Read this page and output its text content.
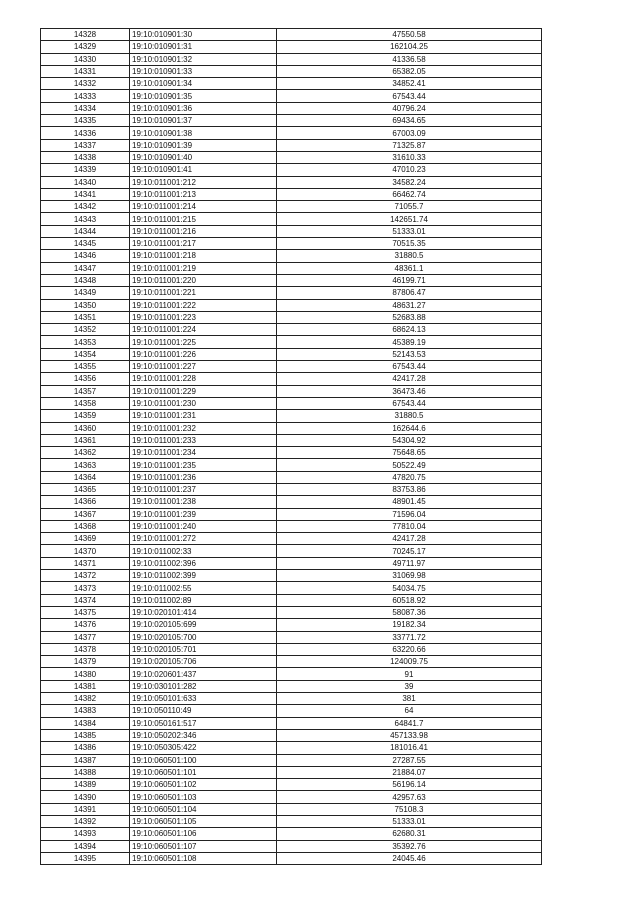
14328	19:10:010901:30	47550.58
14329	19:10:010901:31	162104.25
14330	19:10:010901:32	41336.58
14331	19:10:010901:33	65382.05
14332	19:10:010901:34	34852.41
14333	19:10:010901:35	67543.44
14334	19:10:010901:36	40796.24
14335	19:10:010901:37	69434.65
14336	19:10:010901:38	67003.09
14337	19:10:010901:39	71325.87
14338	19:10:010901:40	31610.33
14339	19:10:010901:41	47010.23
14340	19:10:011001:212	34582.24
14341	19:10:011001:213	66462.74
14342	19:10:011001:214	71055.7
14343	19:10:011001:215	142651.74
14344	19:10:011001:216	51333.01
14345	19:10:011001:217	70515.35
14346	19:10:011001:218	31880.5
14347	19:10:011001:219	48361.1
14348	19:10:011001:220	46199.71
14349	19:10:011001:221	87806.47
14350	19:10:011001:222	48631.27
14351	19:10:011001:223	52683.88
14352	19:10:011001:224	68624.13
14353	19:10:011001:225	45389.19
14354	19:10:011001:226	52143.53
14355	19:10:011001:227	67543.44
14356	19:10:011001:228	42417.28
14357	19:10:011001:229	36473.46
14358	19:10:011001:230	67543.44
14359	19:10:011001:231	31880.5
14360	19:10:011001:232	162644.6
14361	19:10:011001:233	54304.92
14362	19:10:011001:234	75648.65
14363	19:10:011001:235	50522.49
14364	19:10:011001:236	47820.75
14365	19:10:011001:237	83753.86
14366	19:10:011001:238	48901.45
14367	19:10:011001:239	71596.04
14368	19:10:011001:240	77810.04
14369	19:10:011001:272	42417.28
14370	19:10:011002:33	70245.17
14371	19:10:011002:396	49711.97
14372	19:10:011002:399	31069.98
14373	19:10:011002:55	54034.75
14374	19:10:011002:89	60518.92
14375	19:10:020101:414	58087.36
14376	19:10:020105:699	19182.34
14377	19:10:020105:700	33771.72
14378	19:10:020105:701	63220.66
14379	19:10:020105:706	124009.75
14380	19:10:020601:437	91
14381	19:10:030101:282	39
14382	19:10:050101:633	381
14383	19:10:050110:49	64
14384	19:10:050161:517	64841.7
14385	19:10:050202:346	457133.98
14386	19:10:050305:422	181016.41
14387	19:10:060501:100	27287.55
14388	19:10:060501:101	21884.07
14389	19:10:060501:102	56196.14
14390	19:10:060501:103	42957.63
14391	19:10:060501:104	75108.3
14392	19:10:060501:105	51333.01
14393	19:10:060501:106	62680.31
14394	19:10:060501:107	35392.76
14395	19:10:060501:108	24045.46
